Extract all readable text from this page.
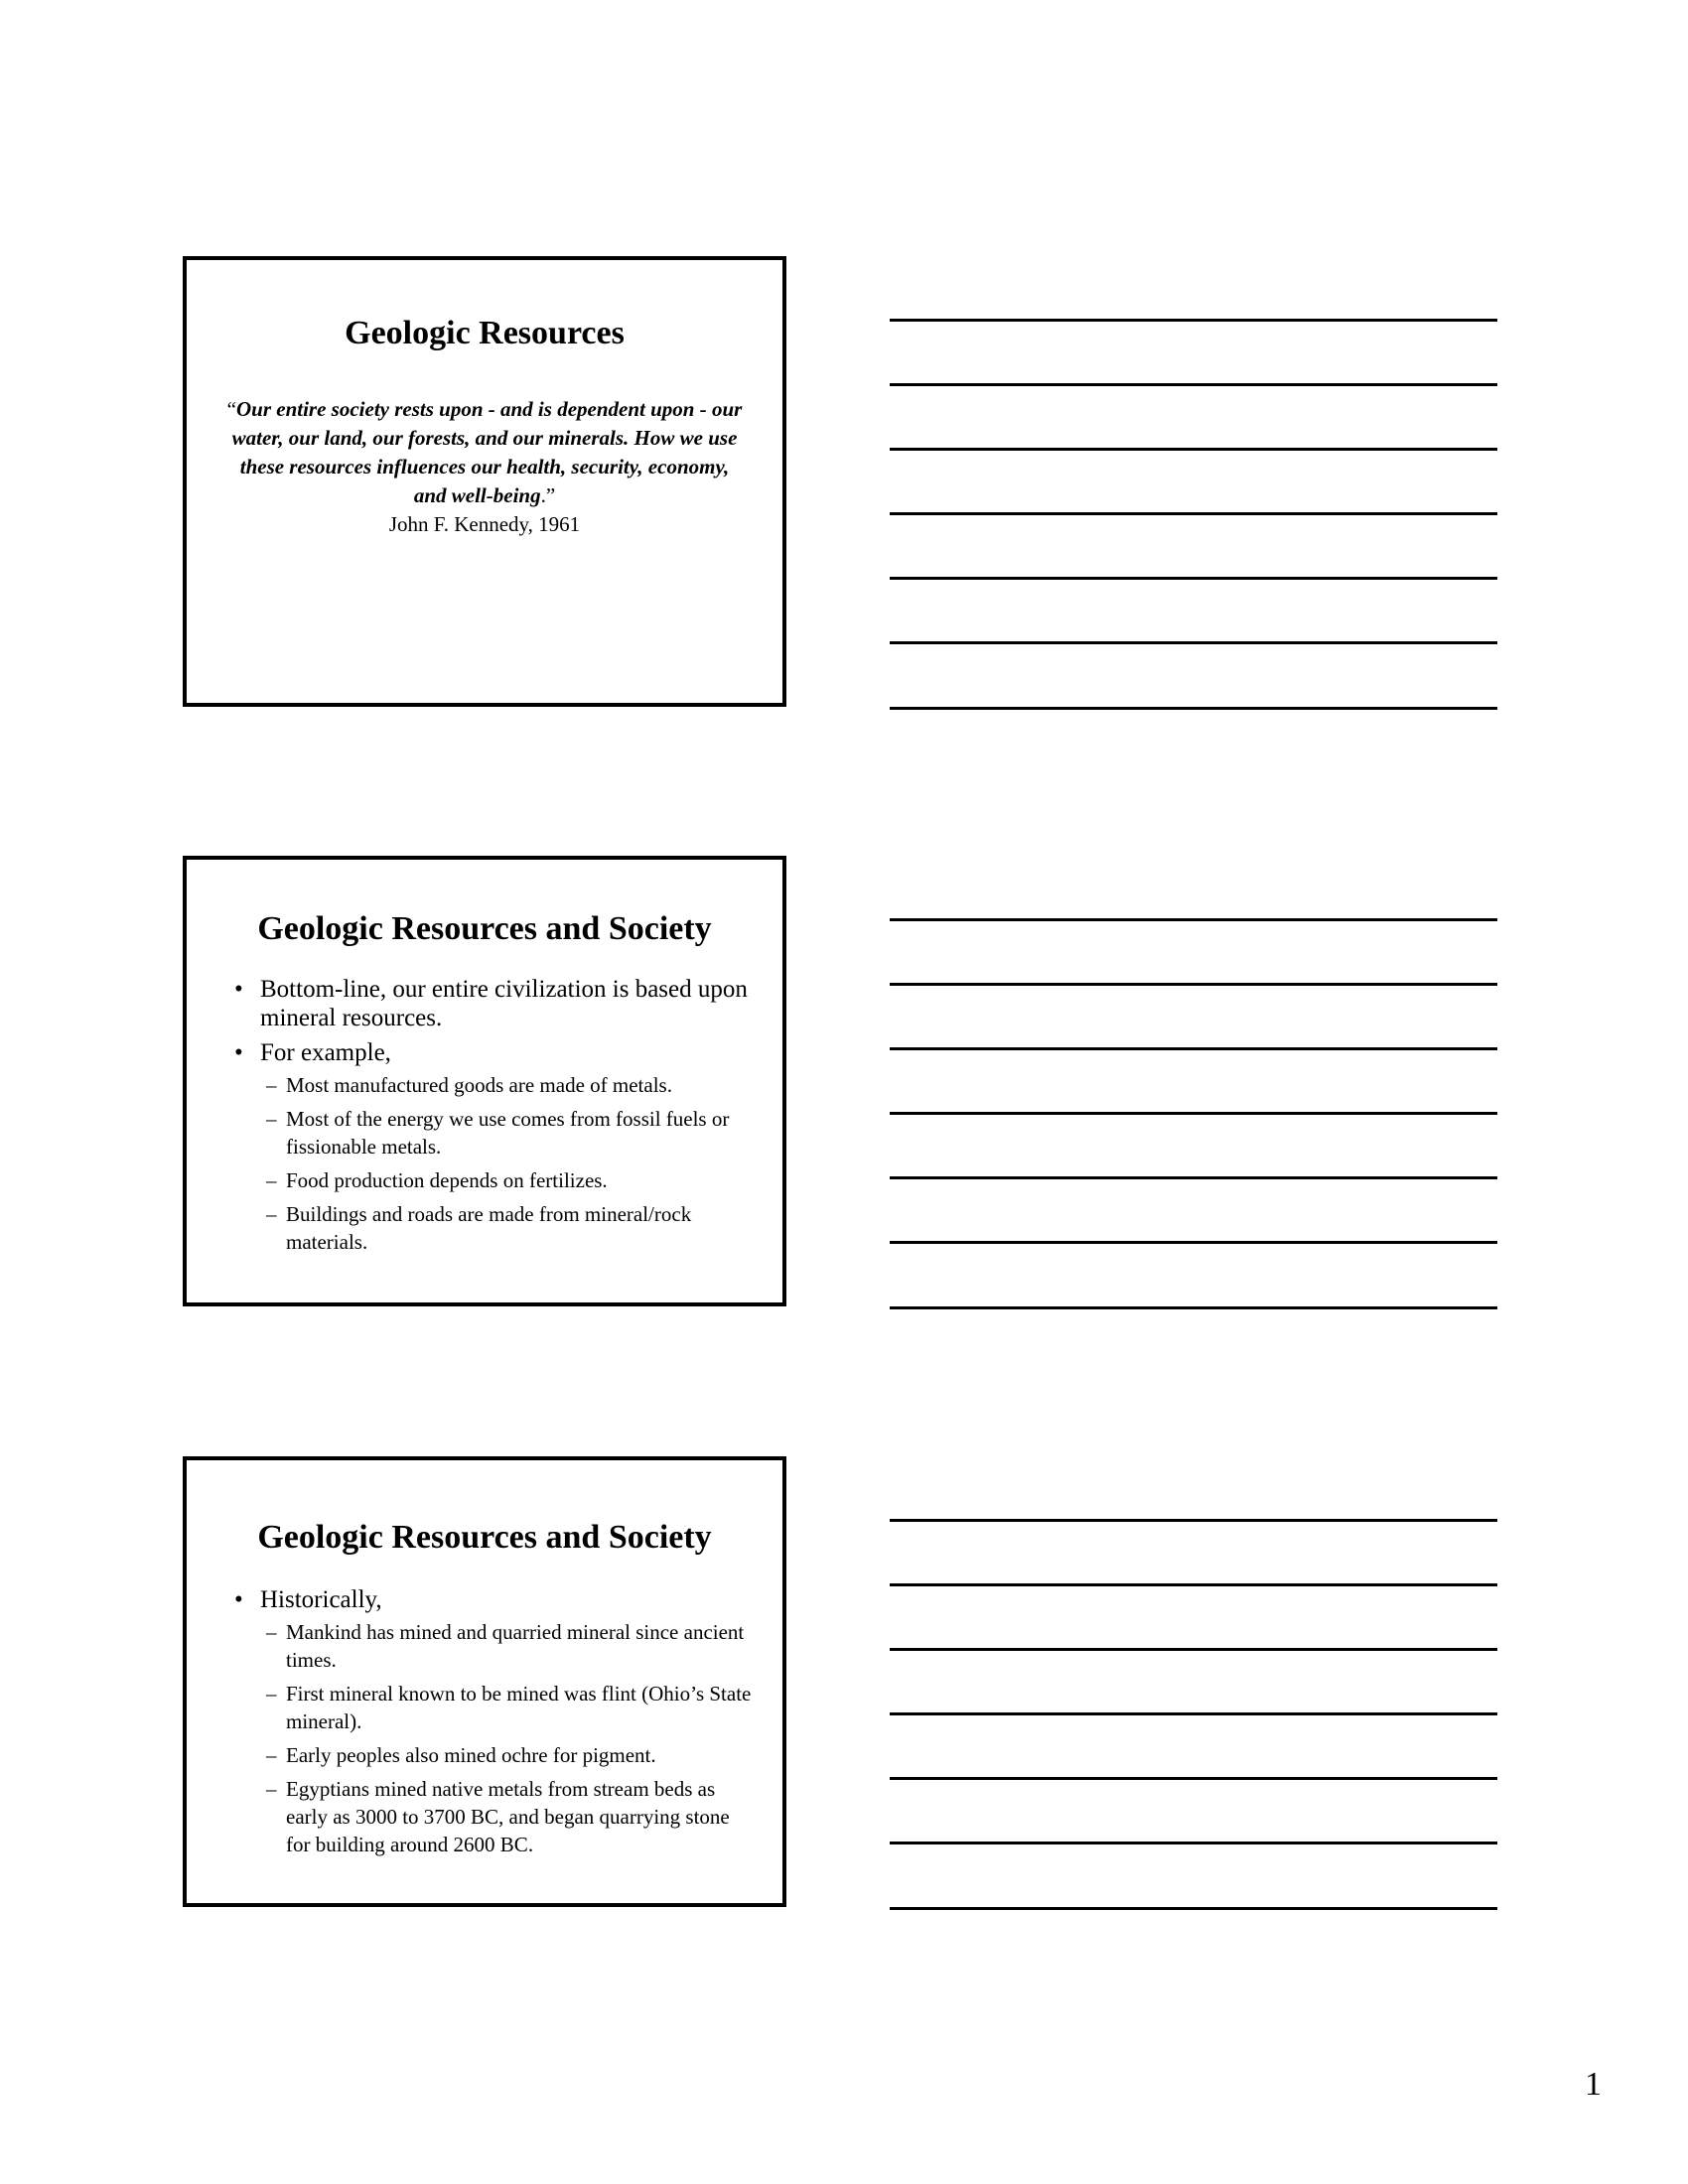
Geologic Resources
“Our entire society rests upon - and is dependent upon - our water, our land, our forests, and our minerals. How we use these resources influences our health, security, economy, and well-being.”
John F. Kennedy, 1961
Geologic Resources and Society
• Bottom-line, our entire civilization is based upon mineral resources.
• For example,
– Most manufactured goods are made of metals.
– Most of the energy we use comes from fossil fuels or fissionable metals.
– Food production depends on fertilizes.
– Buildings and roads are made from mineral/rock materials.
Geologic Resources and Society
• Historically,
– Mankind has mined and quarried mineral since ancient times.
– First mineral known to be mined was flint (Ohio’s State mineral).
– Early peoples also mined ochre for pigment.
– Egyptians mined native metals from stream beds as early as 3000 to 3700 BC, and began quarrying stone for building around 2600 BC.
1
